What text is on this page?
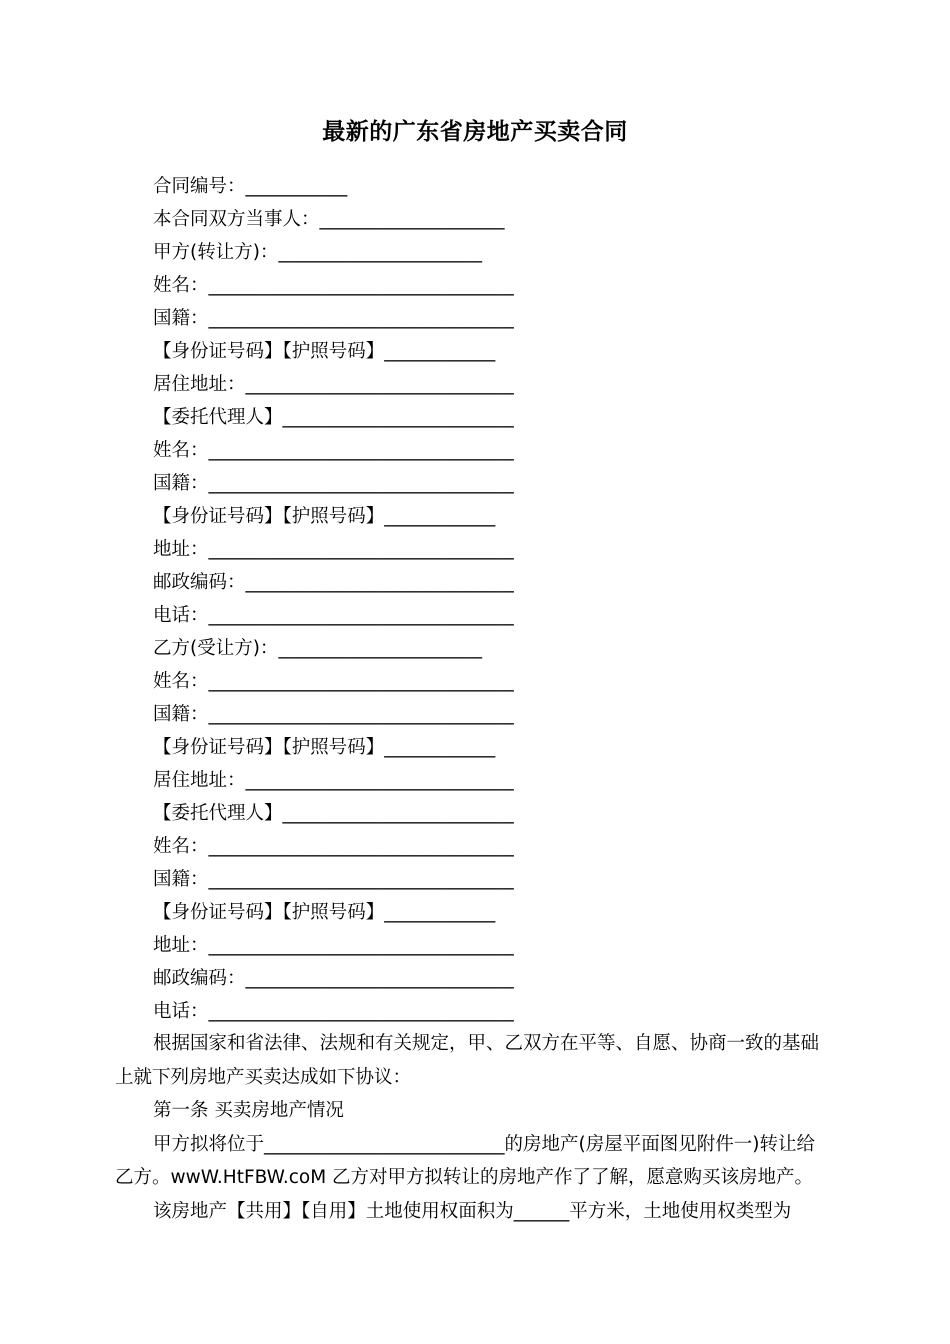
最新的广东省房地产买卖合同
合同编号：___________
本合同双方当事人：____________________
甲方(转让方)：______________________
姓名：_________________________________
国籍：_________________________________
【身份证号码】【护照号码】____________
居住地址：_____________________________
【委托代理人】_________________________
姓名：_________________________________
国籍：_________________________________
【身份证号码】【护照号码】____________
地址：_________________________________
邮政编码：_____________________________
电话：_________________________________
乙方(受让方)：______________________
姓名：_________________________________
国籍：_________________________________
【身份证号码】【护照号码】____________
居住地址：_____________________________
【委托代理人】_________________________
姓名：_________________________________
国籍：_________________________________
【身份证号码】【护照号码】____________
地址：_________________________________
邮政编码：_____________________________
电话：_________________________________

根据国家和省法律、法规和有关规定，甲、乙双方在平等、自愿、协商一致的基础上就下列房地产买卖达成如下协议：

第一条 买卖房地产情况

甲方拟将位于__________________________的房地产(房屋平面图见附件一)转让给乙方。wwW.HtFBW.coM 乙方对甲方拟转让的房地产作了了解，愿意购买该房地产。

该房地产【共用】【自用】土地使用权面积为______平方米，土地使用权类型为
